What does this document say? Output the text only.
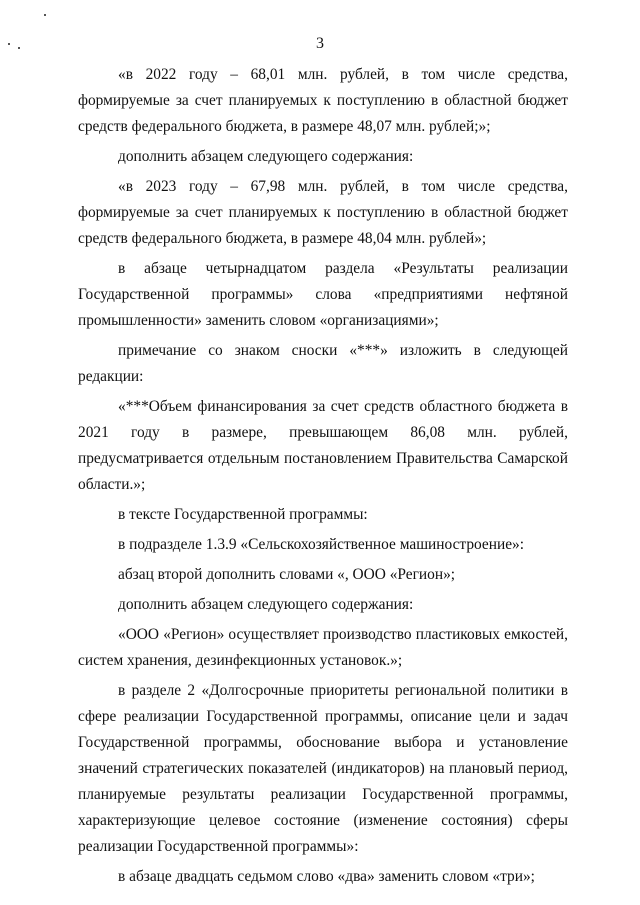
3

«в 2022 году – 68,01 млн. рублей, в том числе средства, формируемые за счет планируемых к поступлению в областной бюджет средств федерального бюджета, в размере 48,07 млн. рублей;»;

дополнить абзацем следующего содержания:

«в 2023 году – 67,98 млн. рублей, в том числе средства, формируемые за счет планируемых к поступлению в областной бюджет средств федерального бюджета, в размере 48,04 млн. рублей»;

в абзаце четырнадцатом раздела «Результаты реализации Государственной программы» слова «предприятиями нефтяной промышленности» заменить словом «организациями»;

примечание со знаком сноски «***» изложить в следующей редакции:

«***Объем финансирования за счет средств областного бюджета в 2021 году в размере, превышающем 86,08 млн. рублей, предусматривается отдельным постановлением Правительства Самарской области.»;

в тексте Государственной программы:

в подразделе 1.3.9 «Сельскохозяйственное машиностроение»:

абзац второй дополнить словами «, ООО «Регион»;

дополнить абзацем следующего содержания:

«ООО «Регион» осуществляет производство пластиковых емкостей, систем хранения, дезинфекционных установок.»;

в разделе 2 «Долгосрочные приоритеты региональной политики в сфере реализации Государственной программы, описание цели и задач Государственной программы, обоснование выбора и установление значений стратегических показателей (индикаторов) на плановый период, планируемые результаты реализации Государственной программы, характеризующие целевое состояние (изменение состояния) сферы реализации Государственной программы»:

в абзаце двадцать седьмом слово «два» заменить словом «три»;
